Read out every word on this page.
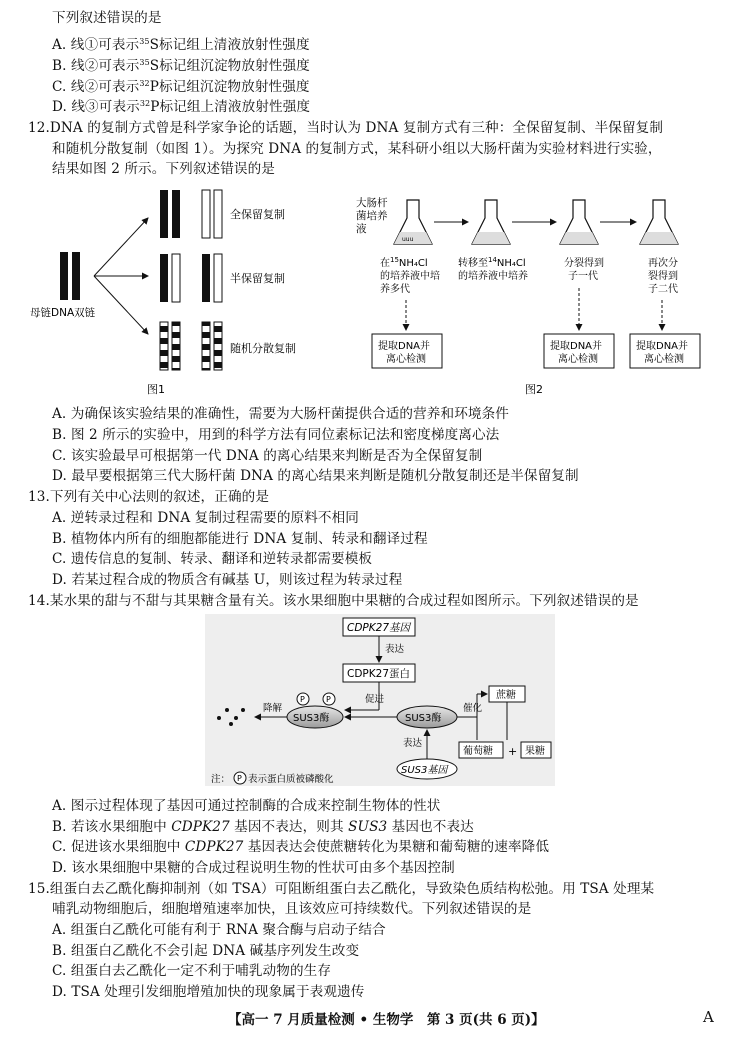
下列叙述错误的是
A. 线①可表示$^{35}$S标记组上清液放射性强度
B. 线②可表示$^{35}$S标记组沉淀物放射性强度
C. 线②可表示$^{32}$P标记组沉淀物放射性强度
D. 线③可表示$^{32}$P标记组上清液放射性强度
12.DNA 的复制方式曾是科学家争论的话题，当时认为 DNA 复制方式有三种：全保留复制、半保留复制
和随机分散复制（如图 1）。为探究 DNA 的复制方式，某科研小组以大肠杆菌为实验材料进行实验，
结果如图 2 所示。下列叙述错误的是
母链DNA双链
全保留复制
半保留复制
随机分散复制
图1
大肠杆
菌培养
液
uuu
在$^{15}$NH₄Cl
的培养液中培
养多代
转移至$^{14}$NH₄Cl
的培养液中培养
分裂得到
子一代
再次分
裂得到
子二代
提取DNA并
离心检测
提取DNA并
离心检测
提取DNA并
离心检测
图2
A. 为确保该实验结果的准确性，需要为大肠杆菌提供合适的营养和环境条件
B. 图 2 所示的实验中，用到的科学方法有同位素标记法和密度梯度离心法
C. 该实验最早可根据第一代 DNA 的离心结果来判断是否为全保留复制
D. 最早要根据第三代大肠杆菌 DNA 的离心结果来判断是随机分散复制还是半保留复制
13.下列有关中心法则的叙述，正确的是
A. 逆转录过程和 DNA 复制过程需要的原料不相同
B. 植物体内所有的细胞都能进行 DNA 复制、转录和翻译过程
C. 遗传信息的复制、转录、翻译和逆转录都需要模板
D. 若某过程合成的物质含有碱基 U，则该过程为转录过程
14.某水果的甜与不甜与其果糖含量有关。该水果细胞中果糖的合成过程如图所示。下列叙述错误的是
CDPK27基因
表达
CDPK27蛋白
促进
SUS3酶
P	P
降解
SUS3酶
催化
蔗糖
葡萄糖 + 果糖
表达
SUS3基因
注： P 表示蛋白质被磷酸化
A. 图示过程体现了基因可通过控制酶的合成来控制生物体的性状
B. 若该水果细胞中 CDPK27 基因不表达，则其 SUS3 基因也不表达
C. 促进该水果细胞中 CDPK27 基因表达会使蔗糖转化为果糖和葡萄糖的速率降低
D. 该水果细胞中果糖的合成过程说明生物的性状可由多个基因控制
15.组蛋白去乙酰化酶抑制剂（如 TSA）可阻断组蛋白去乙酰化，导致染色质结构松弛。用 TSA 处理某
哺乳动物细胞后，细胞增殖速率加快，且该效应可持续数代。下列叙述错误的是
A. 组蛋白乙酰化可能有利于 RNA 聚合酶与启动子结合
B. 组蛋白乙酰化不会引起 DNA 碱基序列发生改变
C. 组蛋白去乙酰化一定不利于哺乳动物的生存
D. TSA 处理引发细胞增殖加快的现象属于表观遗传
【高一 7 月质量检测 • 生物学　第 3 页(共 6 页)】	A
